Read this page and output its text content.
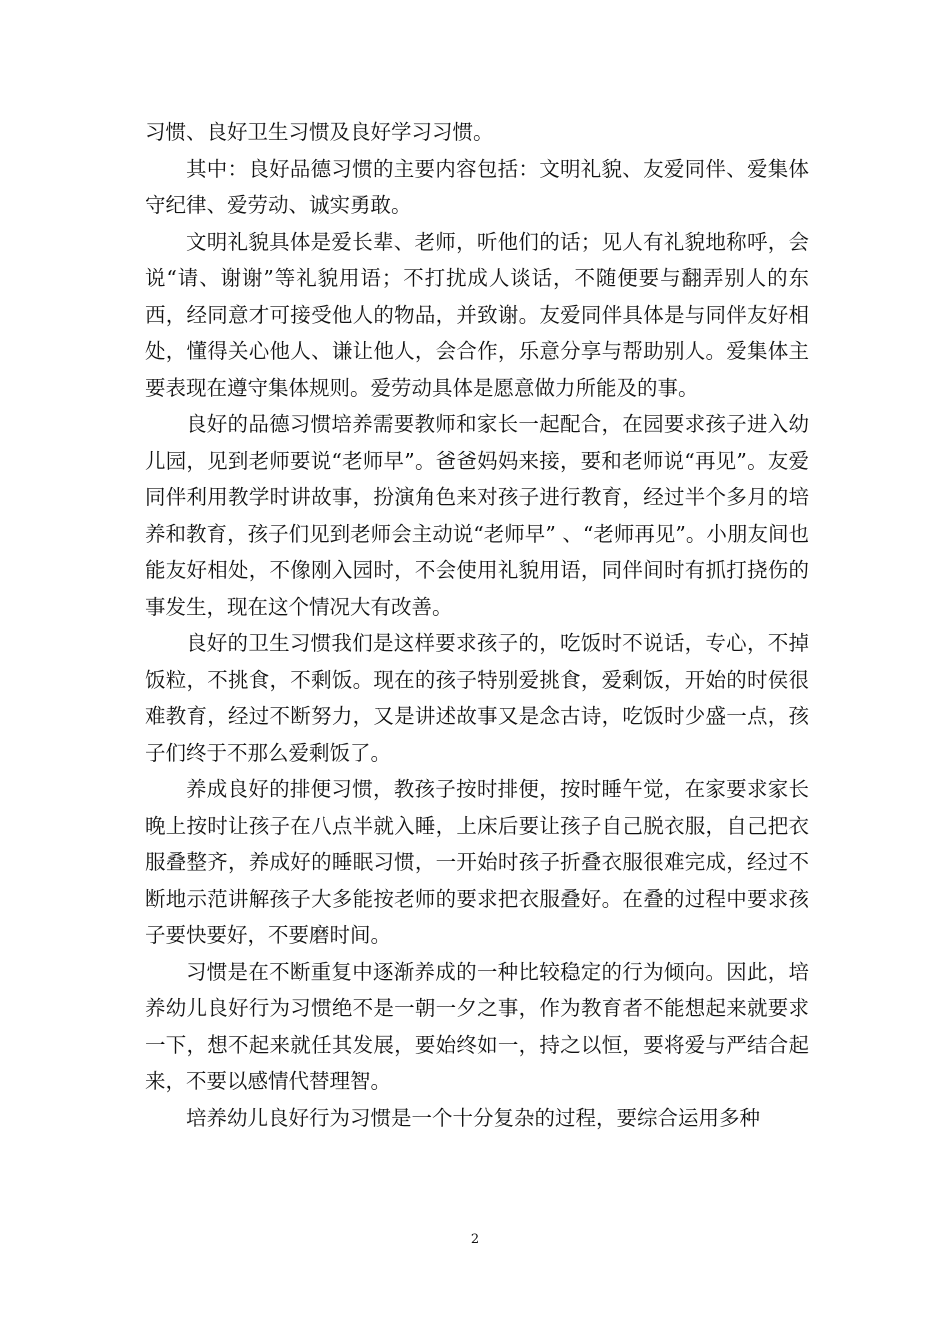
习惯、良好卫生习惯及良好学习习惯。

其中：良好品德习惯的主要内容包括：文明礼貌、友爱同伴、爱集体守纪律、爱劳动、诚实勇敢。

文明礼貌具体是爱长辈、老师，听他们的话；见人有礼貌地称呼，会说“请、谢谢”等礼貌用语；不打扰成人谈话，不随便要与翻弄别人的东西，经同意才可接受他人的物品，并致谢。友爱同伴具体是与同伴友好相处，懂得关心他人、谦让他人，会合作，乐意分享与帮助别人。爱集体主要表现在遵守集体规则。爱劳动具体是愿意做力所能及的事。

良好的品德习惯培养需要教师和家长一起配合，在园要求孩子进入幼儿园，见到老师要说“老师早”。爸爸妈妈来接，要和老师说“再见”。友爱同伴利用教学时讲故事，扮演角色来对孩子进行教育，经过半个多月的培养和教育，孩子们见到老师会主动说“老师早” 、“老师再见”。小朋友间也能友好相处，不像刚入园时，不会使用礼貌用语，同伴间时有抓打挠伤的事发生，现在这个情况大有改善。

良好的卫生习惯我们是这样要求孩子的，吃饭时不说话，专心，不掉饭粒，不挑食，不剩饭。现在的孩子特别爱挑食，爱剩饭，开始的时侯很难教育，经过不断努力，又是讲述故事又是念古诗，吃饭时少盛一点，孩子们终于不那么爱剩饭了。

养成良好的排便习惯，教孩子按时排便，按时睡午觉，在家要求家长晚上按时让孩子在八点半就入睡，上床后要让孩子自己脱衣服，自己把衣服叠整齐，养成好的睡眠习惯，一开始时孩子折叠衣服很难完成，经过不断地示范讲解孩子大多能按老师的要求把衣服叠好。在叠的过程中要求孩子要快要好，不要磨时间。

习惯是在不断重复中逐渐养成的一种比较稳定的行为倾向。因此，培养幼儿良好行为习惯绝不是一朝一夕之事，作为教育者不能想起来就要求一下，想不起来就任其发展，要始终如一，持之以恒，要将爱与严结合起来，不要以感情代替理智。

培养幼儿良好行为习惯是一个十分复杂的过程，要综合运用多种

2
